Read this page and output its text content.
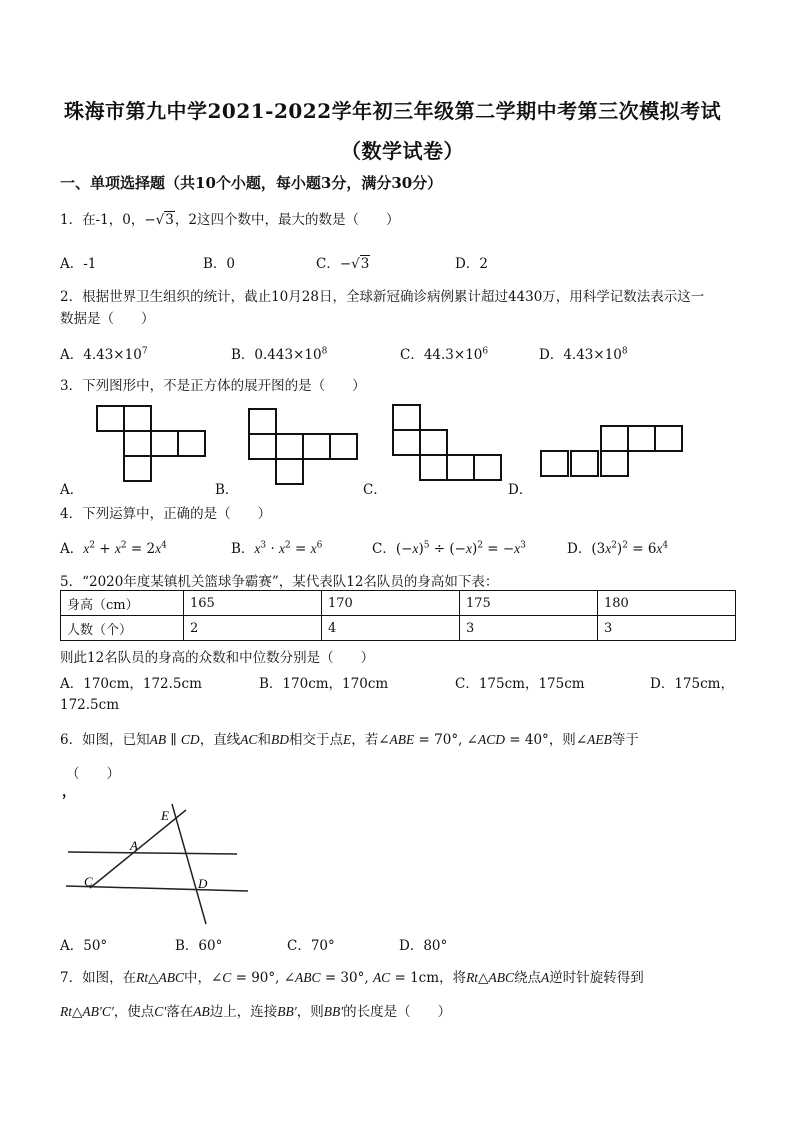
珠海市第九中学2021-2022学年初三年级第二学期中考第三次模拟考试
（数学试卷）
一、单项选择题（共10个小题，每小题3分，满分30分）
1．在-1，0，−√3，2这四个数中，最大的数是（　　）
A．-1	B．0	C．−√3	D．2
2．根据世界卫生组织的统计，截止10月28日，全球新冠确诊病例累计超过4430万，用科学记数法表示这一
数据是（　　）
A．$4.43\times 10^7$	B．$0.443\times 10^8$	C．$44.3\times 10^6$	D．$4.43\times 10^8$
3．下列图形中，不是正方体的展开图的是（　　）
A．	B．	C．	D．
4．下列运算中，正确的是（　　）
A．$x^2 + x^2 = 2x^4$	B．$x^3 \cdot x^2 = x^6$	C．$(-x)^5 \div (-x)^2 = -x^3$	D．$(3x^2)^2 = 6x^4$
5．“2020年度某镇机关篮球争霸赛”，某代表队12名队员的身高如下表：
身高（cm）	165	170	175	180
人数（个）	2	4	3	3
则此12名队员的身高的众数和中位数分别是（　　）
A．170cm，172.5cm	B．170cm，170cm	C．175cm，175cm	D．175cm，
172.5cm
6．如图，已知AB ∥ CD，直线AC和BD相交于点E，若∠ABE = 70°, ∠ACD = 40°，则∠AEB等于
（　　）
，
E
A
C	D
A．50°	B．60°	C．70°	D．80°
7．如图，在Rt△ABC中，∠C = 90°, ∠ABC = 30°, AC = 1cm，将Rt△ABC绕点A逆时针旋转得到
Rt△AB′C′，使点C′落在AB边上，连接BB′，则BB′的长度是（　　）
